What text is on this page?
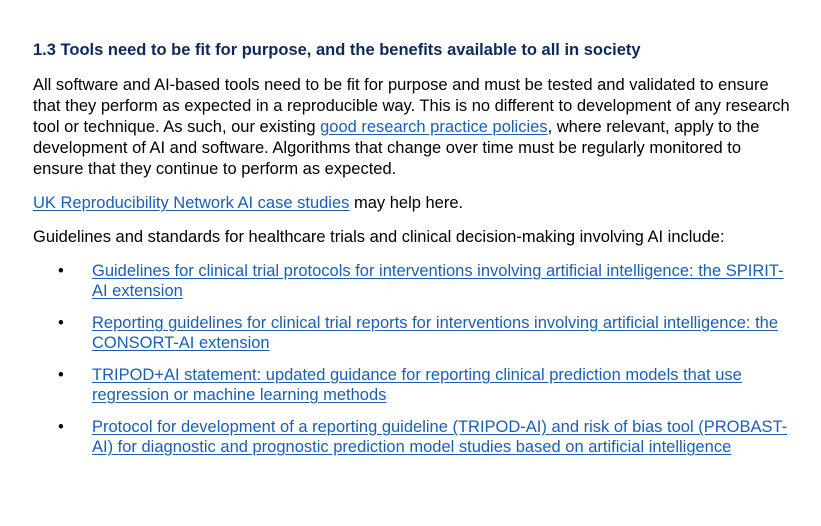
1.3 Tools need to be fit for purpose, and the benefits available to all in society

All software and AI-based tools need to be fit for purpose and must be tested and validated to ensure that they perform as expected in a reproducible way. This is no different to development of any research tool or technique. As such, our existing good research practice policies, where relevant, apply to the development of AI and software. Algorithms that change over time must be regularly monitored to ensure that they continue to perform as expected.

UK Reproducibility Network AI case studies may help here.

Guidelines and standards for healthcare trials and clinical decision-making involving AI include:

• Guidelines for clinical trial protocols for interventions involving artificial intelligence: the SPIRIT-AI extension
• Reporting guidelines for clinical trial reports for interventions involving artificial intelligence: the CONSORT-AI extension
• TRIPOD+AI statement: updated guidance for reporting clinical prediction models that use regression or machine learning methods
• Protocol for development of a reporting guideline (TRIPOD-AI) and risk of bias tool (PROBAST-AI) for diagnostic and prognostic prediction model studies based on artificial intelligence
